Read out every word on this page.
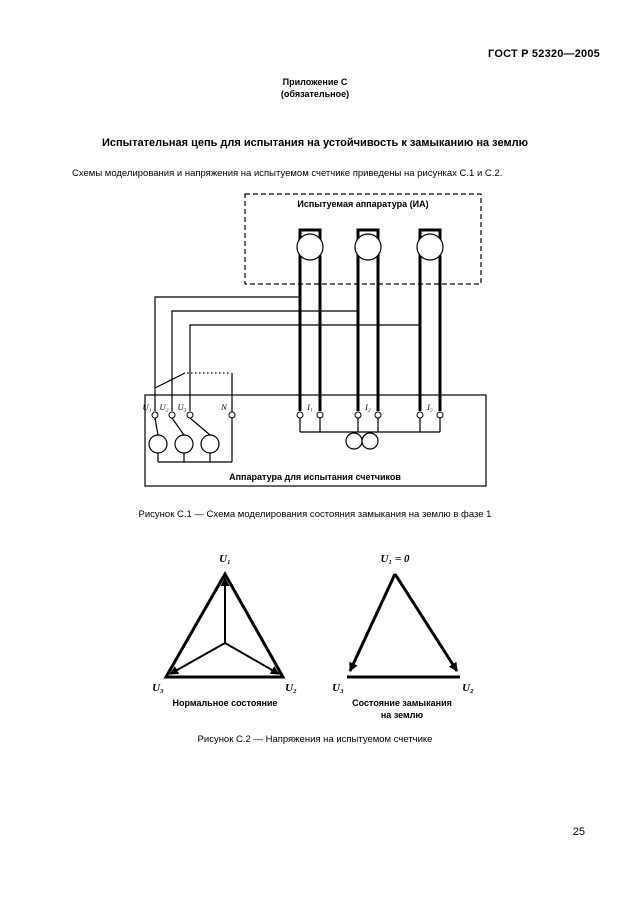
ГОСТ Р 52320—2005
Приложение С
(обязательное)
Испытательная цепь для испытания на устойчивость к замыканию на землю
Схемы моделирования и напряжения на испытуемом счетчике приведены на рисунках С.1 и С.2.
Испытуемая аппаратура (ИА)
U₁ U₂ U₃	N	I₁	I₂	I₃
Аппаратура для испытания счетчиков
Рисунок С.1 — Схема моделирования состояния замыкания на землю в фазе 1
U₁
U₃	U₂
Нормальное состояние
U₁ = 0
U₃	U₂
Состояние замыкания
на землю
Рисунок С.2 — Напряжения на испытуемом счетчике
25
